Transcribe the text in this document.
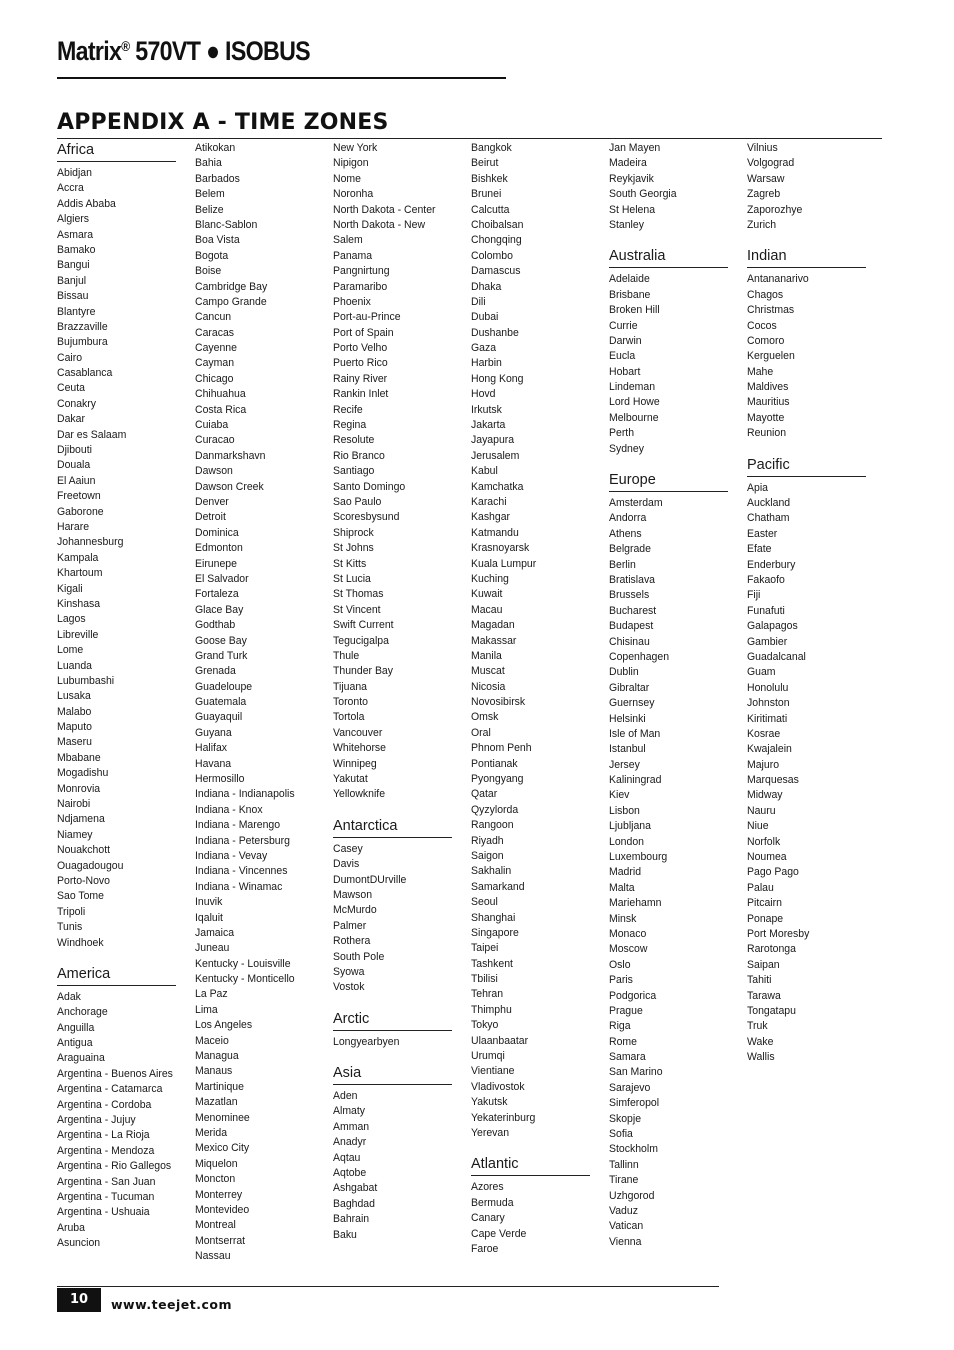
Matrix® 570VT ● ISOBUS
APPENDIX A - TIME ZONES
Africa
Abidjan
Accra
Addis Ababa
Algiers
Asmara
Bamako
Bangui
Banjul
Bissau
Blantyre
Brazzaville
Bujumbura
Cairo
Casablanca
Ceuta
Conakry
Dakar
Dar es Salaam
Djibouti
Douala
El Aaiun
Freetown
Gaborone
Harare
Johannesburg
Kampala
Khartoum
Kigali
Kinshasa
Lagos
Libreville
Lome
Luanda
Lubumbashi
Lusaka
Malabo
Maputo
Maseru
Mbabane
Mogadishu
Monrovia
Nairobi
Ndjamena
Niamey
Nouakchott
Ouagadougou
Porto-Novo
Sao Tome
Tripoli
Tunis
Windhoek
America
Adak
Anchorage
Anguilla
Antigua
Araguaina
Argentina - Buenos Aires
Argentina - Catamarca
Argentina - Cordoba
Argentina - Jujuy
Argentina - La Rioja
Argentina - Mendoza
Argentina - Rio Gallegos
Argentina - San Juan
Argentina - Tucuman
Argentina - Ushuaia
Aruba
Asuncion
Atikokan
Bahia
Barbados
Belem
Belize
Blanc-Sablon
Boa Vista
Bogota
Boise
Cambridge Bay
Campo Grande
Cancun
Caracas
Cayenne
Cayman
Chicago
Chihuahua
Costa Rica
Cuiaba
Curacao
Danmarkshavn
Dawson
Dawson Creek
Denver
Detroit
Dominica
Edmonton
Eirunepe
El Salvador
Fortaleza
Glace Bay
Godthab
Goose Bay
Grand Turk
Grenada
Guadeloupe
Guatemala
Guayaquil
Guyana
Halifax
Havana
Hermosillo
Indiana - Indianapolis
Indiana - Knox
Indiana - Marengo
Indiana - Petersburg
Indiana - Vevay
Indiana - Vincennes
Indiana - Winamac
Inuvik
Iqaluit
Jamaica
Juneau
Kentucky - Louisville
Kentucky - Monticello
La Paz
Lima
Los Angeles
Maceio
Managua
Manaus
Martinique
Mazatlan
Menominee
Merida
Mexico City
Miquelon
Moncton
Monterrey
Montevideo
Montreal
Montserrat
Nassau
New York
Nipigon
Nome
Noronha
North Dakota - Center
North Dakota - New
Salem
Panama
Pangnirtung
Paramaribo
Phoenix
Port-au-Prince
Port of Spain
Porto Velho
Puerto Rico
Rainy River
Rankin Inlet
Recife
Regina
Resolute
Rio Branco
Santiago
Santo Domingo
Sao Paulo
Scoresbysund
Shiprock
St Johns
St Kitts
St Lucia
St Thomas
St Vincent
Swift Current
Tegucigalpa
Thule
Thunder Bay
Tijuana
Toronto
Tortola
Vancouver
Whitehorse
Winnipeg
Yakutat
Yellowknife
Antarctica
Casey
Davis
DumontDUrville
Mawson
McMurdo
Palmer
Rothera
South Pole
Syowa
Vostok
Arctic
Longyearbyen
Asia
Aden
Almaty
Amman
Anadyr
Aqtau
Aqtobe
Ashgabat
Baghdad
Bahrain
Baku
Bangkok
Beirut
Bishkek
Brunei
Calcutta
Choibalsan
Chongqing
Colombo
Damascus
Dhaka
Dili
Dubai
Dushanbe
Gaza
Harbin
Hong Kong
Hovd
Irkutsk
Jakarta
Jayapura
Jerusalem
Kabul
Kamchatka
Karachi
Kashgar
Katmandu
Krasnoyarsk
Kuala Lumpur
Kuching
Kuwait
Macau
Magadan
Makassar
Manila
Muscat
Nicosia
Novosibirsk
Omsk
Oral
Phnom Penh
Pontianak
Pyongyang
Qatar
Qyzylorda
Rangoon
Riyadh
Saigon
Sakhalin
Samarkand
Seoul
Shanghai
Singapore
Taipei
Tashkent
Tbilisi
Tehran
Thimphu
Tokyo
Ulaanbaatar
Urumqi
Vientiane
Vladivostok
Yakutsk
Yekaterinburg
Yerevan
Atlantic
Azores
Bermuda
Canary
Cape Verde
Faroe
Jan Mayen
Madeira
Reykjavik
South Georgia
St Helena
Stanley
Australia
Adelaide
Brisbane
Broken Hill
Currie
Darwin
Eucla
Hobart
Lindeman
Lord Howe
Melbourne
Perth
Sydney
Europe
Amsterdam
Andorra
Athens
Belgrade
Berlin
Bratislava
Brussels
Bucharest
Budapest
Chisinau
Copenhagen
Dublin
Gibraltar
Guernsey
Helsinki
Isle of Man
Istanbul
Jersey
Kaliningrad
Kiev
Lisbon
Ljubljana
London
Luxembourg
Madrid
Malta
Mariehamn
Minsk
Monaco
Moscow
Oslo
Paris
Podgorica
Prague
Riga
Rome
Samara
San Marino
Sarajevo
Simferopol
Skopje
Sofia
Stockholm
Tallinn
Tirane
Uzhgorod
Vaduz
Vatican
Vienna
Vilnius
Volgograd
Warsaw
Zagreb
Zaporozhye
Zurich
Indian
Antananarivo
Chagos
Christmas
Cocos
Comoro
Kerguelen
Mahe
Maldives
Mauritius
Mayotte
Reunion
Pacific
Apia
Auckland
Chatham
Easter
Efate
Enderbury
Fakaofo
Fiji
Funafuti
Galapagos
Gambier
Guadalcanal
Guam
Honolulu
Johnston
Kiritimati
Kosrae
Kwajalein
Majuro
Marquesas
Midway
Nauru
Niue
Norfolk
Noumea
Pago Pago
Palau
Pitcairn
Ponape
Port Moresby
Rarotonga
Saipan
Tahiti
Tarawa
Tongatapu
Truk
Wake
Wallis
10	www.teejet.com
